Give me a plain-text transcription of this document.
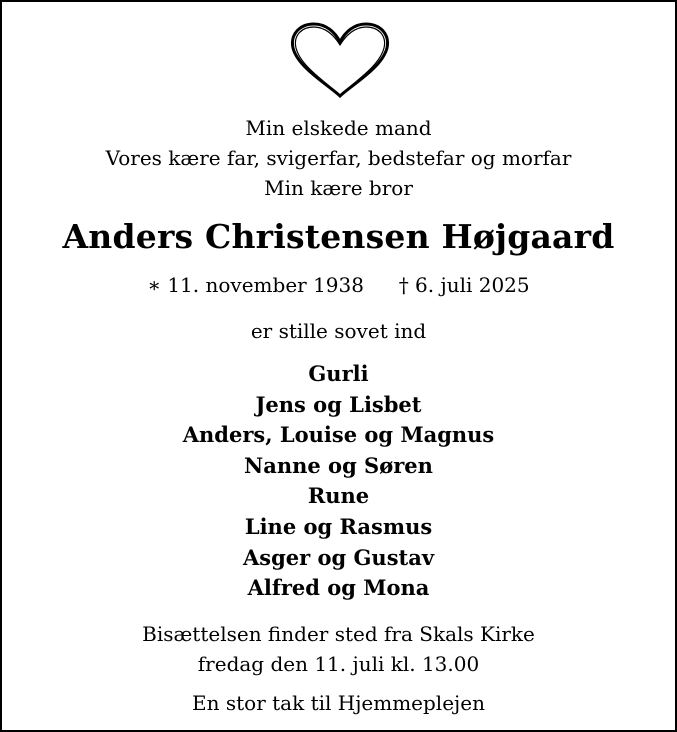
Min elskede mand
Vores kære far, svigerfar, bedstefar og morfar
Min kære bror
Anders Christensen Højgaard
∗ 11. november 1938 † 6. juli 2025
er stille sovet ind
Gurli
Jens og Lisbet
Anders, Louise og Magnus
Nanne og Søren
Rune
Line og Rasmus
Asger og Gustav
Alfred og Mona
Bisættelsen finder sted fra Skals Kirke
fredag den 11. juli kl. 13.00
En stor tak til Hjemmeplejen
